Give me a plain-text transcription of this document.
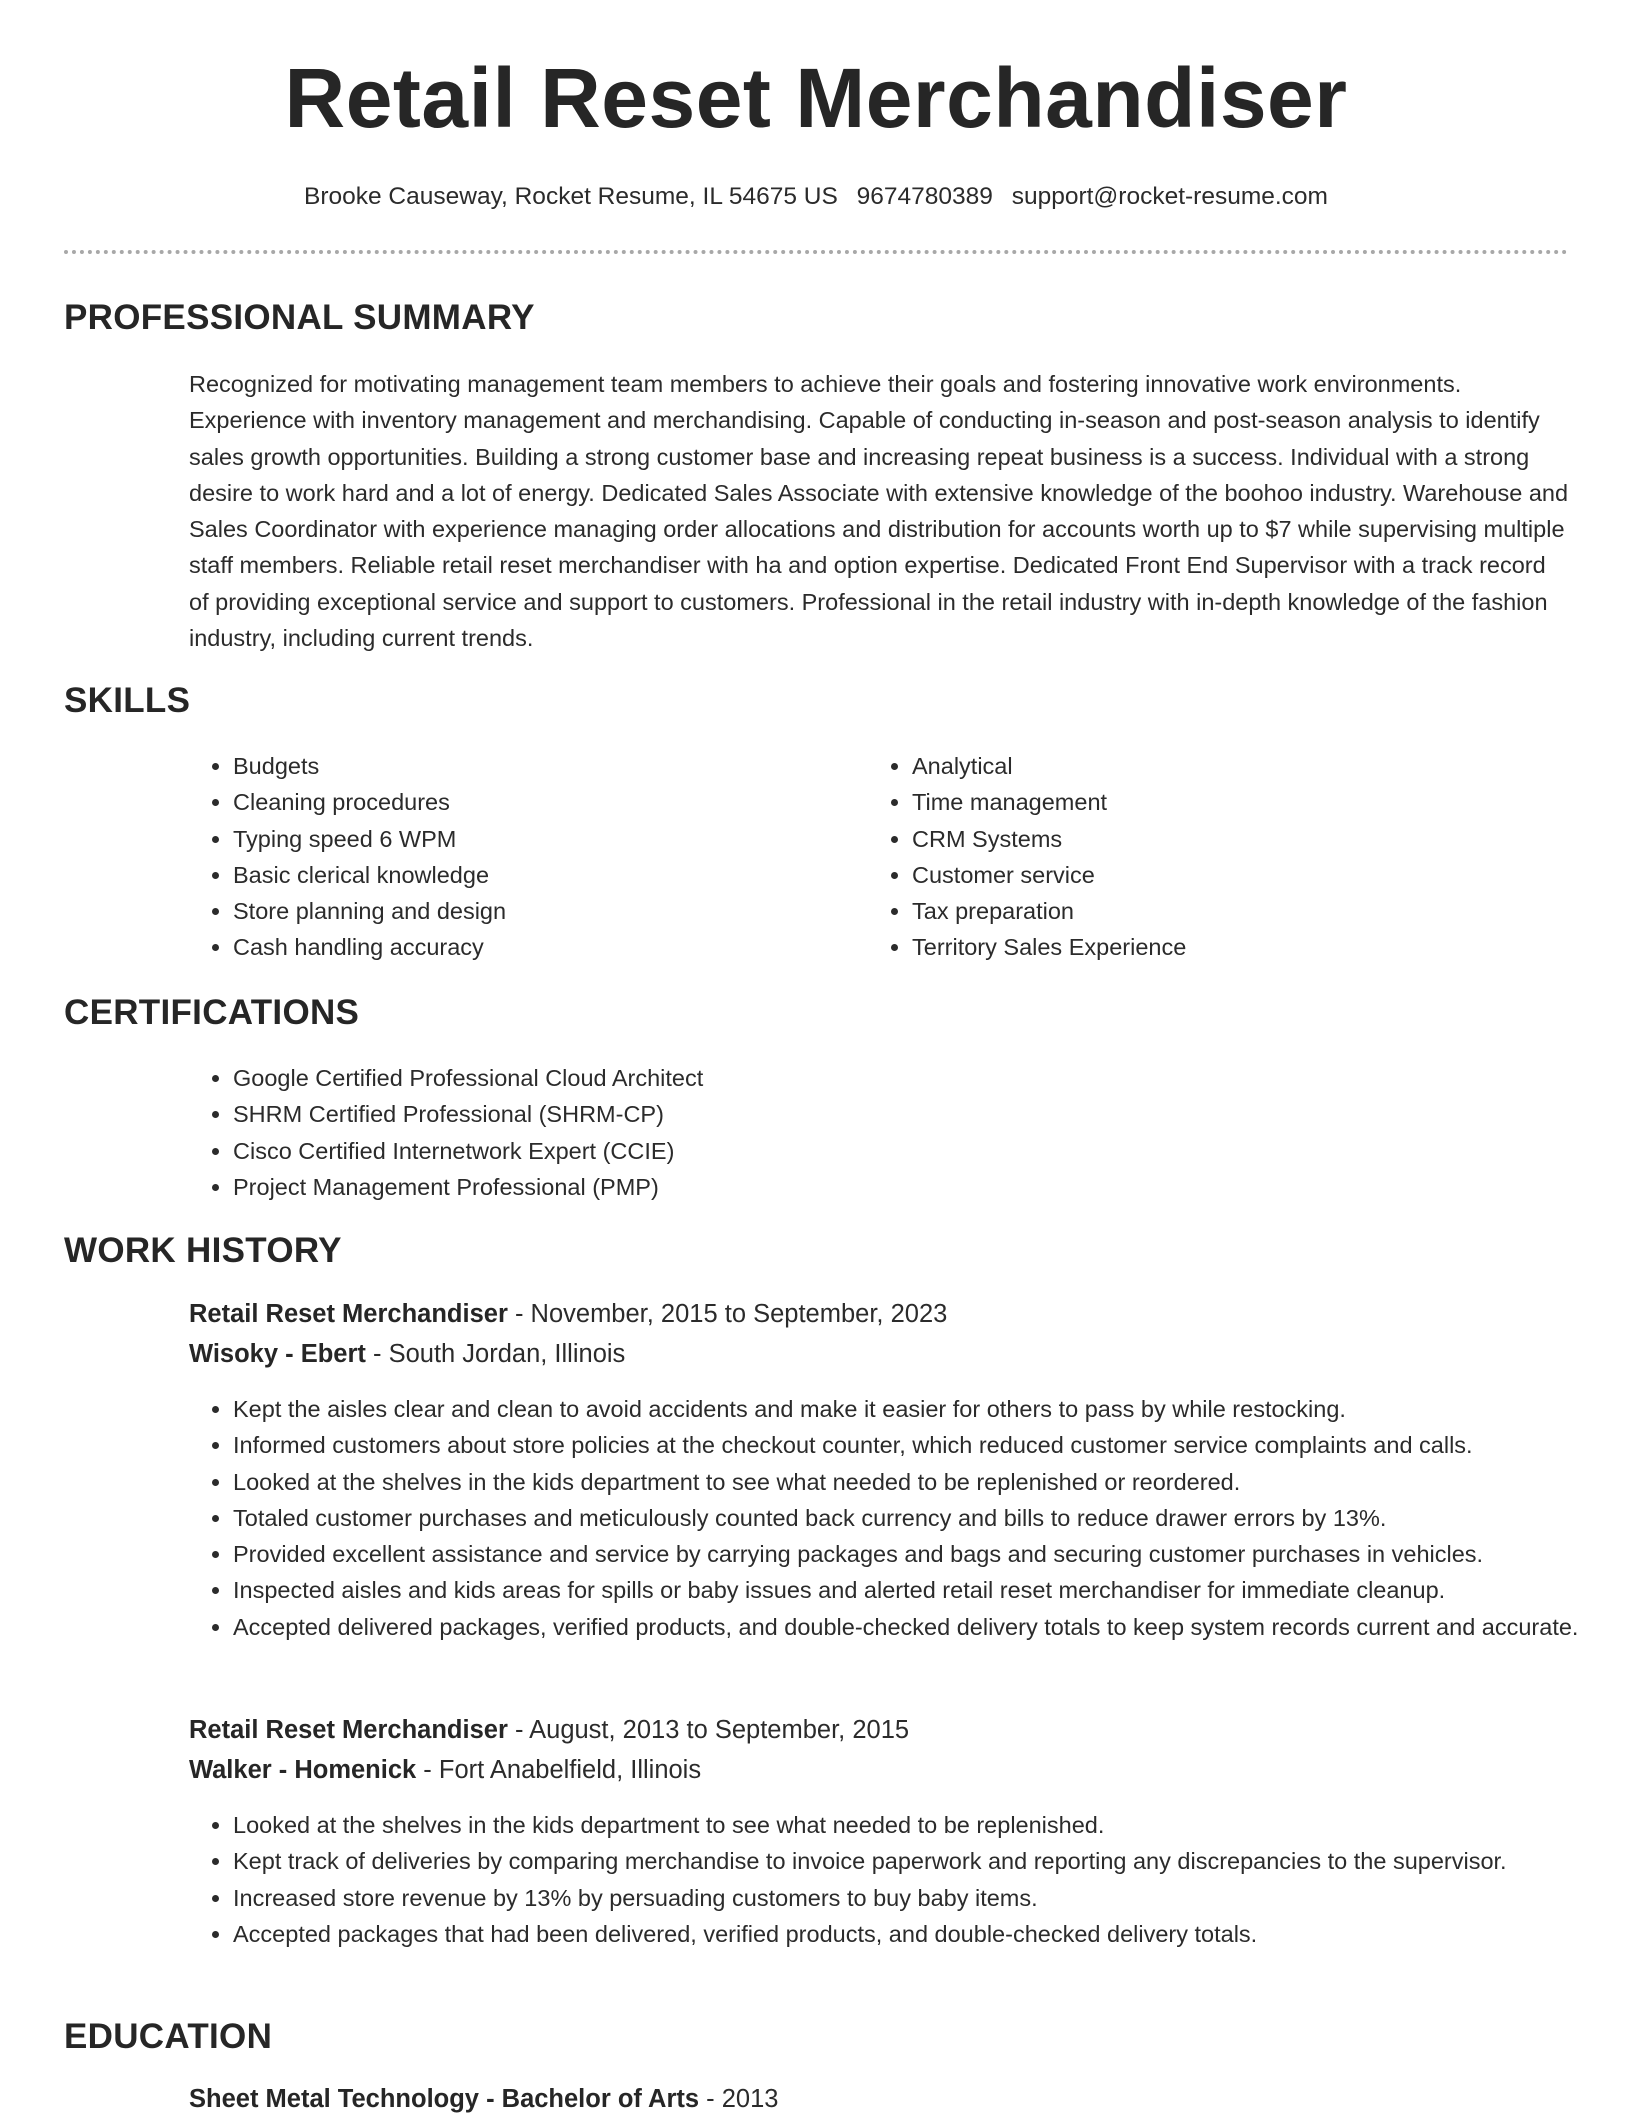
Retail Reset Merchandiser
Brooke Causeway, Rocket Resume, IL 54675 US 9674780389 support@rocket-resume.com
PROFESSIONAL SUMMARY

Recognized for motivating management team members to achieve their goals and fostering innovative work environments. Experience with inventory management and merchandising. Capable of conducting in-season and post-season analysis to identify sales growth opportunities. Building a strong customer base and increasing repeat business is a success. Individual with a strong desire to work hard and a lot of energy. Dedicated Sales Associate with extensive knowledge of the boohoo industry. Warehouse and Sales Coordinator with experience managing order allocations and distribution for accounts worth up to $7 while supervising multiple staff members. Reliable retail reset merchandiser with ha and option expertise. Dedicated Front End Supervisor with a track record of providing exceptional service and support to customers. Professional in the retail industry with in-depth knowledge of the fashion industry, including current trends.

SKILLS
• Budgets
• Cleaning procedures
• Typing speed 6 WPM
• Basic clerical knowledge
• Store planning and design
• Cash handling accuracy
• Analytical
• Time management
• CRM Systems
• Customer service
• Tax preparation
• Territory Sales Experience
CERTIFICATIONS
• Google Certified Professional Cloud Architect
• SHRM Certified Professional (SHRM-CP)
• Cisco Certified Internetwork Expert (CCIE)
• Project Management Professional (PMP)
WORK HISTORY
Retail Reset Merchandiser - November, 2015 to September, 2023
Wisoky - Ebert - South Jordan, Illinois
• Kept the aisles clear and clean to avoid accidents and make it easier for others to pass by while restocking.
• Informed customers about store policies at the checkout counter, which reduced customer service complaints and calls.
• Looked at the shelves in the kids department to see what needed to be replenished or reordered.
• Totaled customer purchases and meticulously counted back currency and bills to reduce drawer errors by 13%.
• Provided excellent assistance and service by carrying packages and bags and securing customer purchases in vehicles.
• Inspected aisles and kids areas for spills or baby issues and alerted retail reset merchandiser for immediate cleanup.
• Accepted delivered packages, verified products, and double-checked delivery totals to keep system records current and accurate.
Retail Reset Merchandiser - August, 2013 to September, 2015
Walker - Homenick - Fort Anabelfield, Illinois
• Looked at the shelves in the kids department to see what needed to be replenished.
• Kept track of deliveries by comparing merchandise to invoice paperwork and reporting any discrepancies to the supervisor.
• Increased store revenue by 13% by persuading customers to buy baby items.
• Accepted packages that had been delivered, verified products, and double-checked delivery totals.
EDUCATION
Sheet Metal Technology - Bachelor of Arts - 2013
